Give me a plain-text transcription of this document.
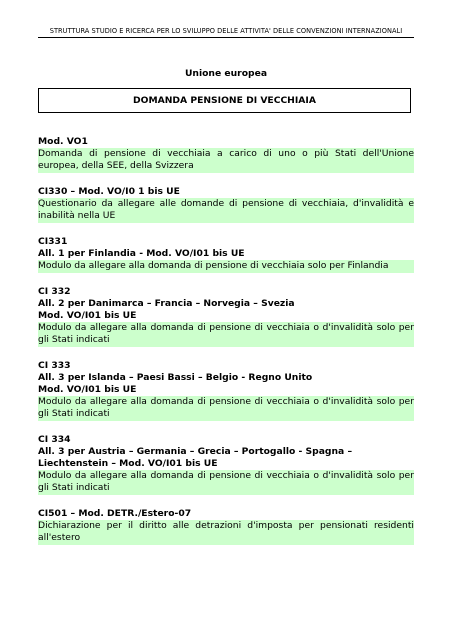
STRUTTURA STUDIO E RICERCA PER LO SVILUPPO DELLE ATTIVITA' DELLE CONVENZIONI INTERNAZIONALI
Unione europea
DOMANDA PENSIONE DI VECCHIAIA
Mod. VO1
Domanda di pensione di vecchiaia a carico di uno o più Stati dell'Unione europea, della SEE, della Svizzera
CI330 – Mod. VO/I0 1 bis UE
Questionario da allegare alle domande di pensione di vecchiaia, d'invalidità e inabilità nella UE
CI331
All. 1 per Finlandia - Mod. VO/I01 bis UE
Modulo da allegare alla domanda di pensione di vecchiaia solo per Finlandia
CI 332
All. 2 per Danimarca – Francia – Norvegia – Svezia
Mod. VO/I01 bis UE
Modulo da allegare alla domanda di pensione di vecchiaia o d'invalidità solo per gli Stati indicati
CI 333
All. 3 per Islanda – Paesi Bassi – Belgio - Regno Unito
Mod. VO/I01 bis UE
Modulo da allegare alla domanda di pensione di vecchiaia o d'invalidità solo per gli Stati indicati
CI 334
All. 3 per Austria – Germania – Grecia – Portogallo - Spagna –
Liechtenstein – Mod. VO/I01 bis UE
Modulo da allegare alla domanda di pensione di vecchiaia o d'invalidità solo per gli Stati indicati
CI501 – Mod. DETR./Estero-07
Dichiarazione per il diritto alle detrazioni d'imposta per pensionati residenti all'estero
